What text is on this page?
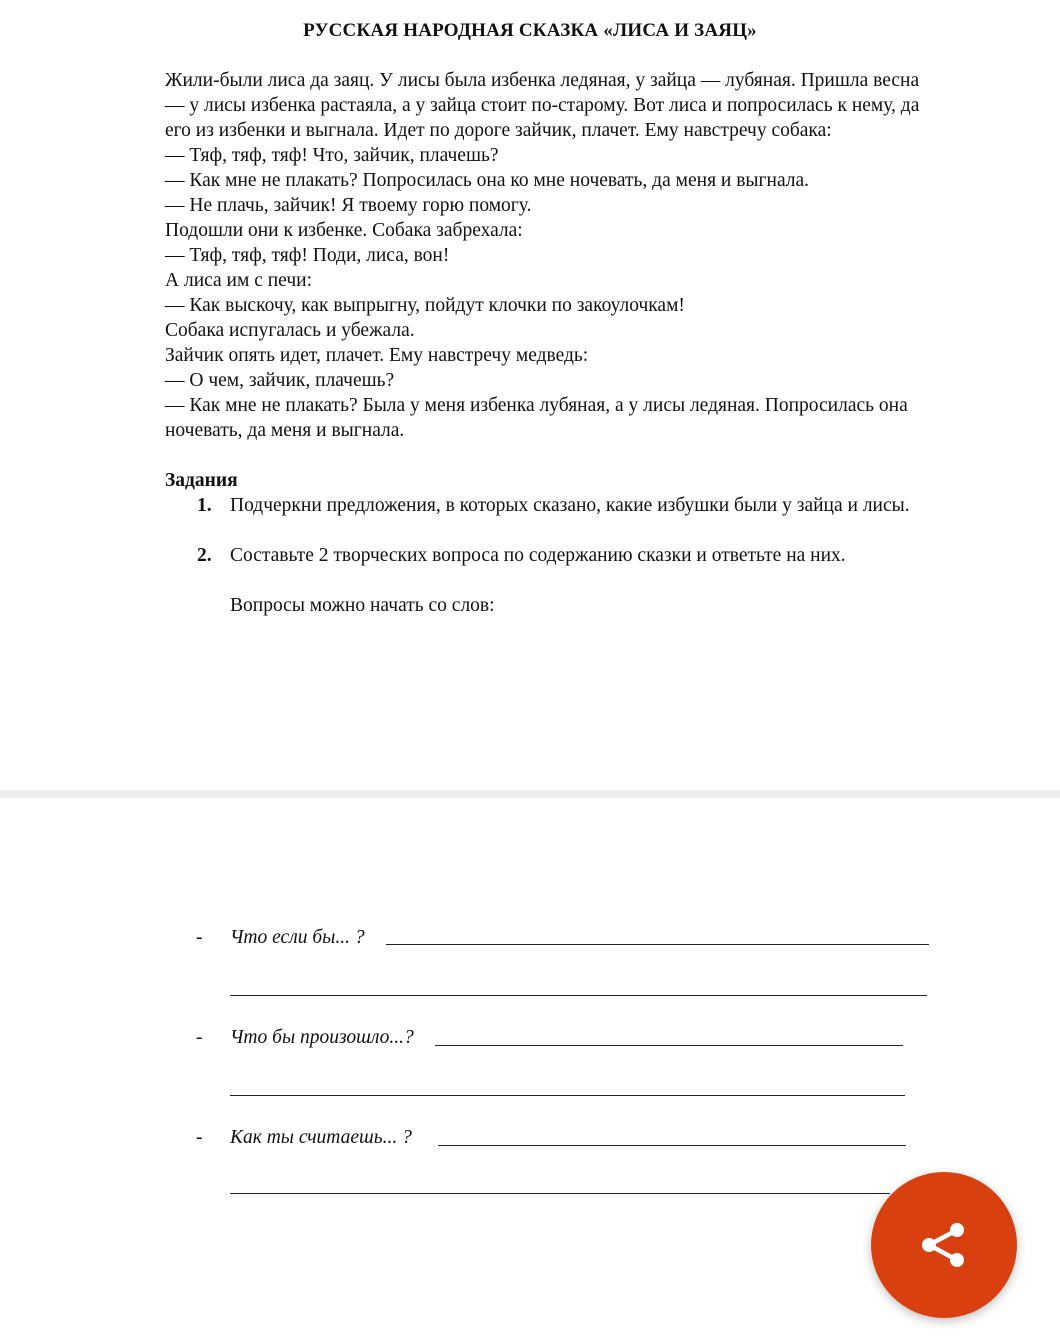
РУССКАЯ НАРОДНАЯ СКАЗКА «ЛИСА И ЗАЯЦ»

Жили-были лиса да заяц. У лисы была избенка ледяная, у зайца — лубяная. Пришла весна

— у лисы избенка растаяла, а у зайца стоит по-старому. Вот лиса и попросилась к нему, да

его из избенки и выгнала. Идет по дороге зайчик, плачет. Ему навстречу собака:

— Тяф, тяф, тяф! Что, зайчик, плачешь?

— Как мне не плакать? Попросилась она ко мне ночевать, да меня и выгнала.

— Не плачь, зайчик! Я твоему горю помогу.

Подошли они к избенке. Собака забрехала:

— Тяф, тяф, тяф! Поди, лиса, вон!

А лиса им с печи:

— Как выскочу, как выпрыгну, пойдут клочки по закоулочкам!

Собака испугалась и убежала.

Зайчик опять идет, плачет. Ему навстречу медведь:

— О чем, зайчик, плачешь?

— Как мне не плакать? Была у меня избенка лубяная, а у лисы ледяная. Попросилась она

ночевать, да меня и выгнала.

Задания
1. Подчеркни предложения, в которых сказано, какие избушки были у зайца и лисы.
2. Составьте 2 творческих вопроса по содержанию сказки и ответьте на них.
Вопросы можно начать со слов:
- Что если бы... ?
- Что бы произошло...?
- Как ты считаешь... ?
